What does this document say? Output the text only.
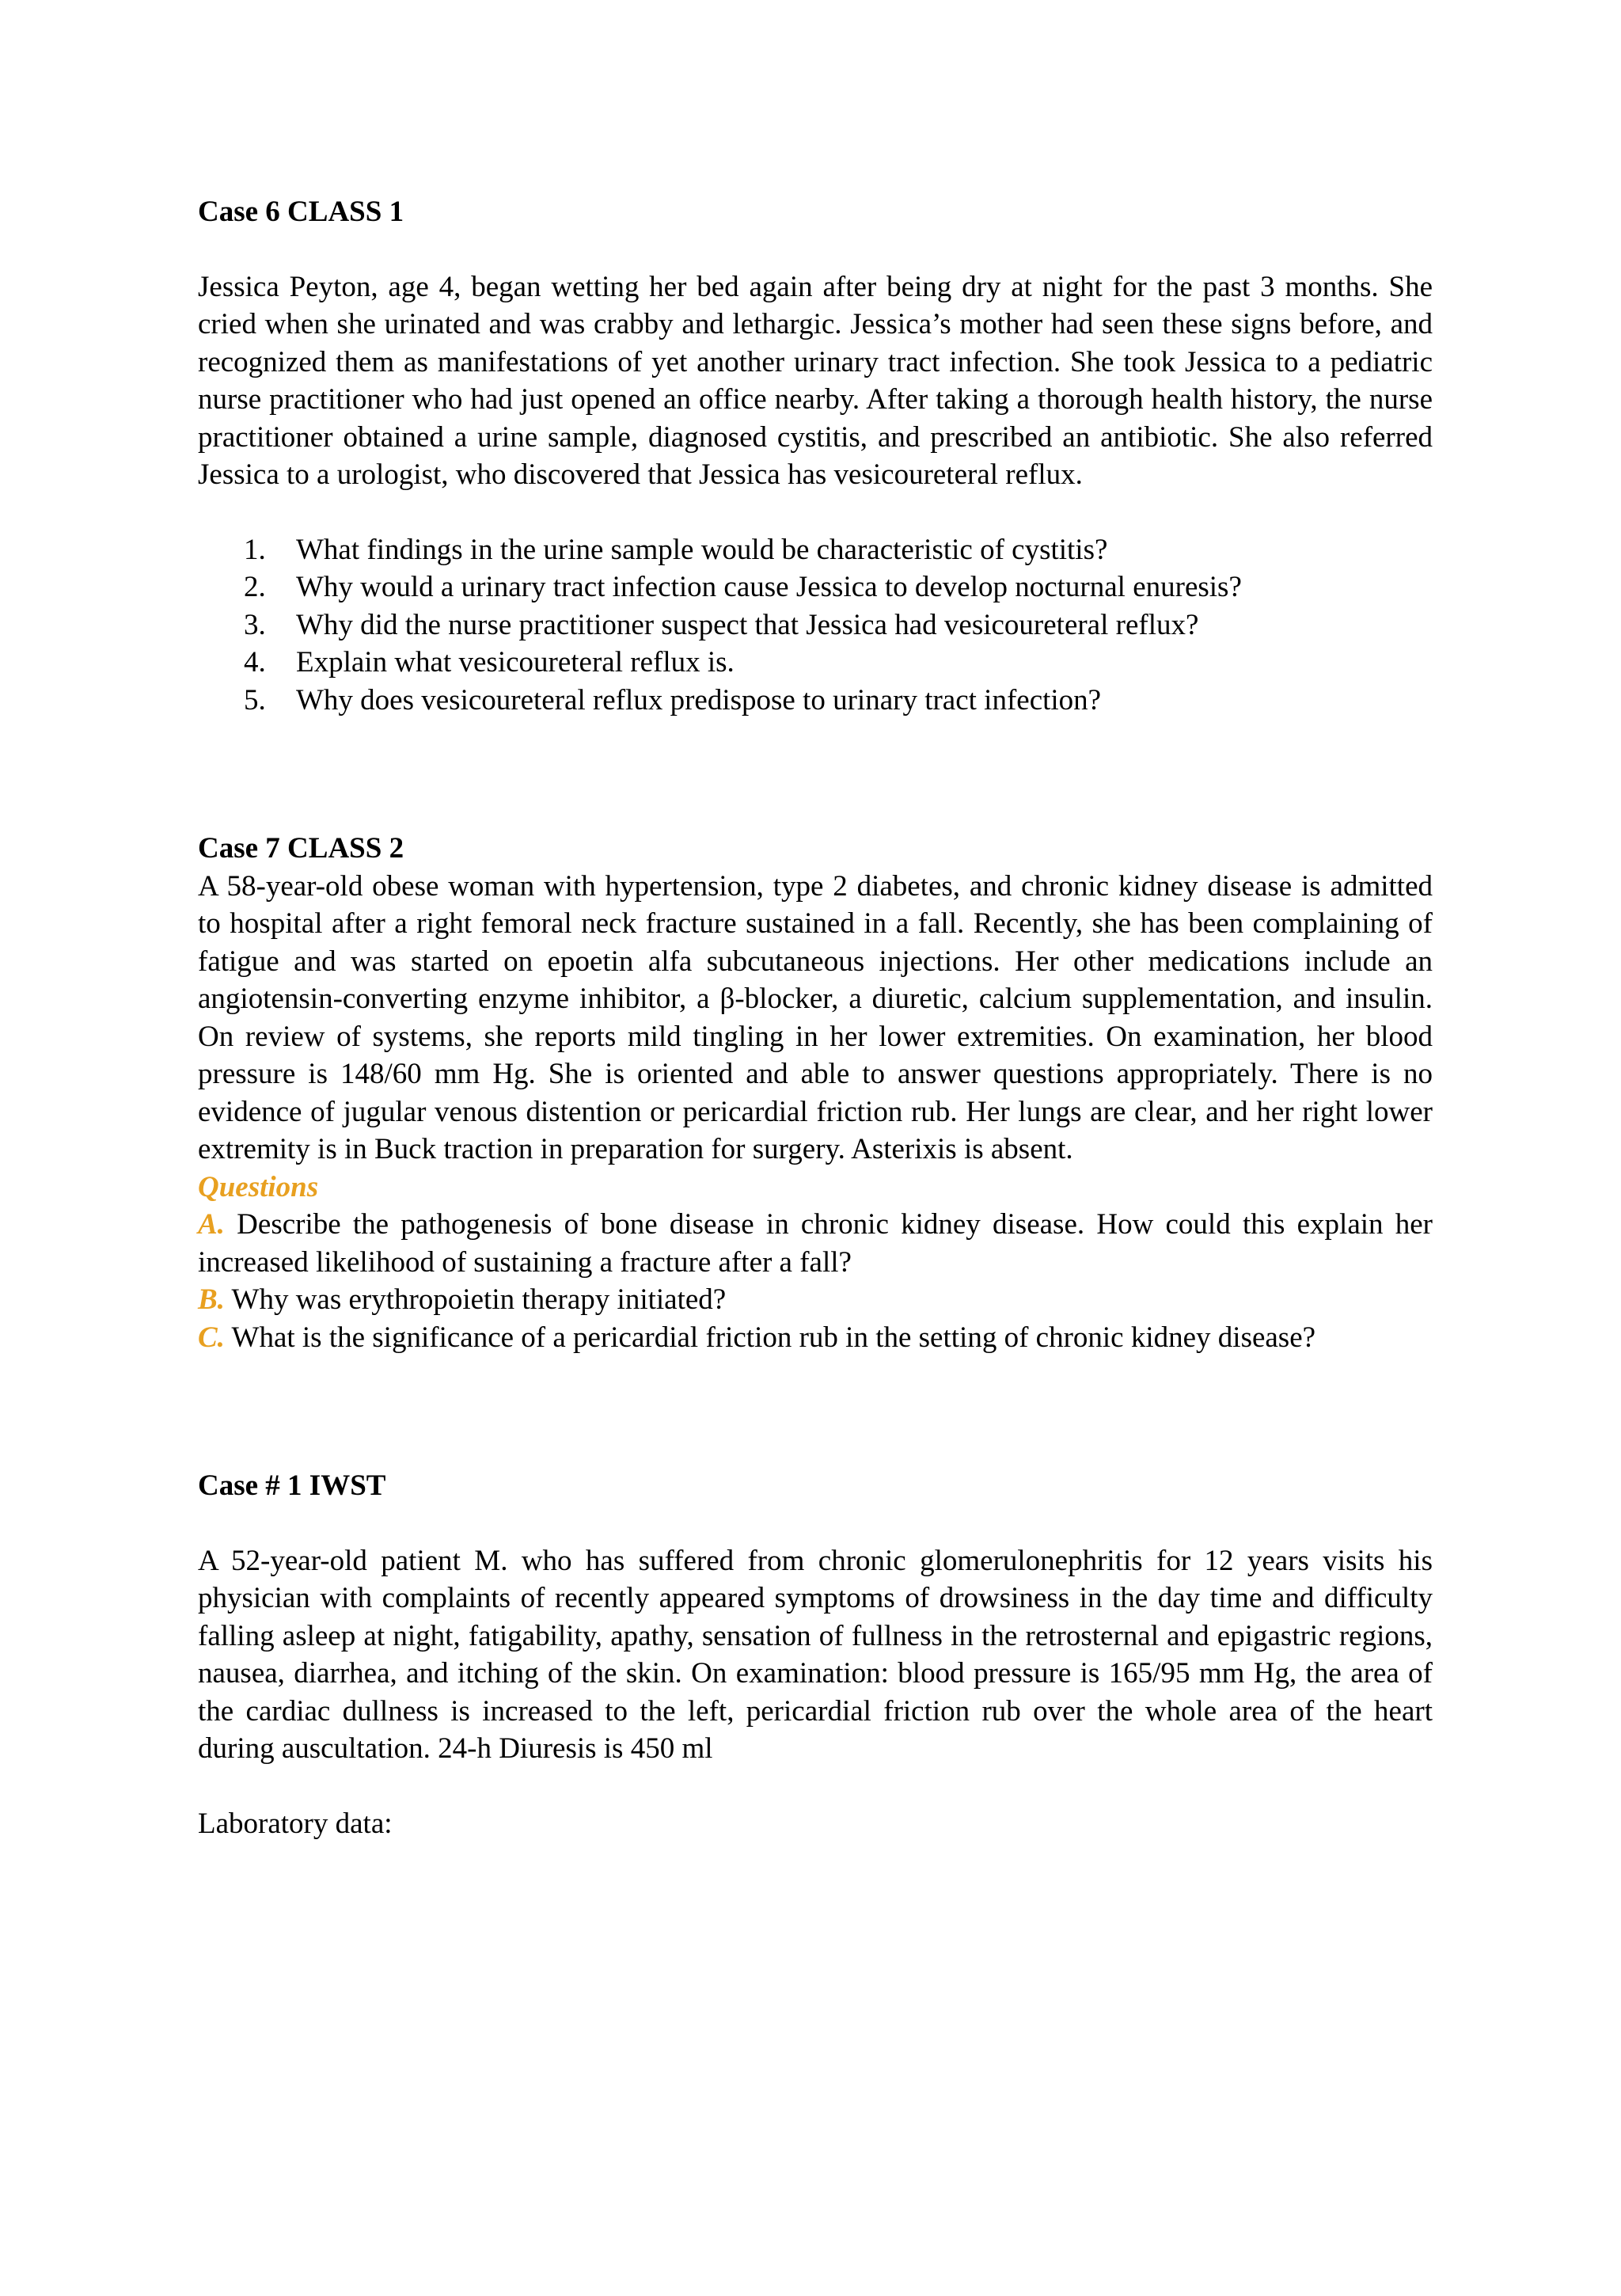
Case 6 CLASS 1

Jessica Peyton, age 4, began wetting her bed again after being dry at night for the past 3 months. She cried when she urinated and was crabby and lethargic. Jessica’s mother had seen these signs before, and recognized them as manifestations of yet another urinary tract infection. She took Jessica to a pediatric nurse practitioner who had just opened an office nearby. After taking a thorough health history, the nurse practitioner obtained a urine sample, diagnosed cystitis, and prescribed an antibiotic. She also referred Jessica to a urologist, who discovered that Jessica has vesicoureteral reflux.

1.	What findings in the urine sample would be characteristic of cystitis?
2.	Why would a urinary tract infection cause Jessica to develop nocturnal enuresis?
3.	Why did the nurse practitioner suspect that Jessica had vesicoureteral reflux?
4.	Explain what vesicoureteral reflux is.
5.	Why does vesicoureteral reflux predispose to urinary tract infection?

Case 7 CLASS 2

A 58-year-old obese woman with hypertension, type 2 diabetes, and chronic kidney disease is admitted to hospital after a right femoral neck fracture sustained in a fall. Recently, she has been complaining of fatigue and was started on epoetin alfa subcutaneous injections. Her other medications include an angiotensin-converting enzyme inhibitor, a β-blocker, a diuretic, calcium supplementation, and insulin. On review of systems, she reports mild tingling in her lower extremities. On examination, her blood pressure is 148/60 mm Hg. She is oriented and able to answer questions appropriately. There is no evidence of jugular venous distention or pericardial friction rub. Her lungs are clear, and her right lower extremity is in Buck traction in preparation for surgery. Asterixis is absent.

Questions

A. Describe the pathogenesis of bone disease in chronic kidney disease. How could this explain her increased likelihood of sustaining a fracture after a fall?

B. Why was erythropoietin therapy initiated?

C. What is the significance of a pericardial friction rub in the setting of chronic kidney disease?

Case # 1 IWST

A 52-year-old patient M. who has suffered from chronic glomerulonephritis for 12 years visits his physician with complaints of recently appeared symptoms of drowsiness in the day time and difficulty falling asleep at night, fatigability, apathy, sensation of fullness in the retrosternal and epigastric regions, nausea, diarrhea, and itching of the skin. On examination: blood pressure is 165/95 mm Hg, the area of the cardiac dullness is increased to the left, pericardial friction rub over the whole area of the heart during auscultation. 24-h Diuresis is 450 ml

Laboratory data:
